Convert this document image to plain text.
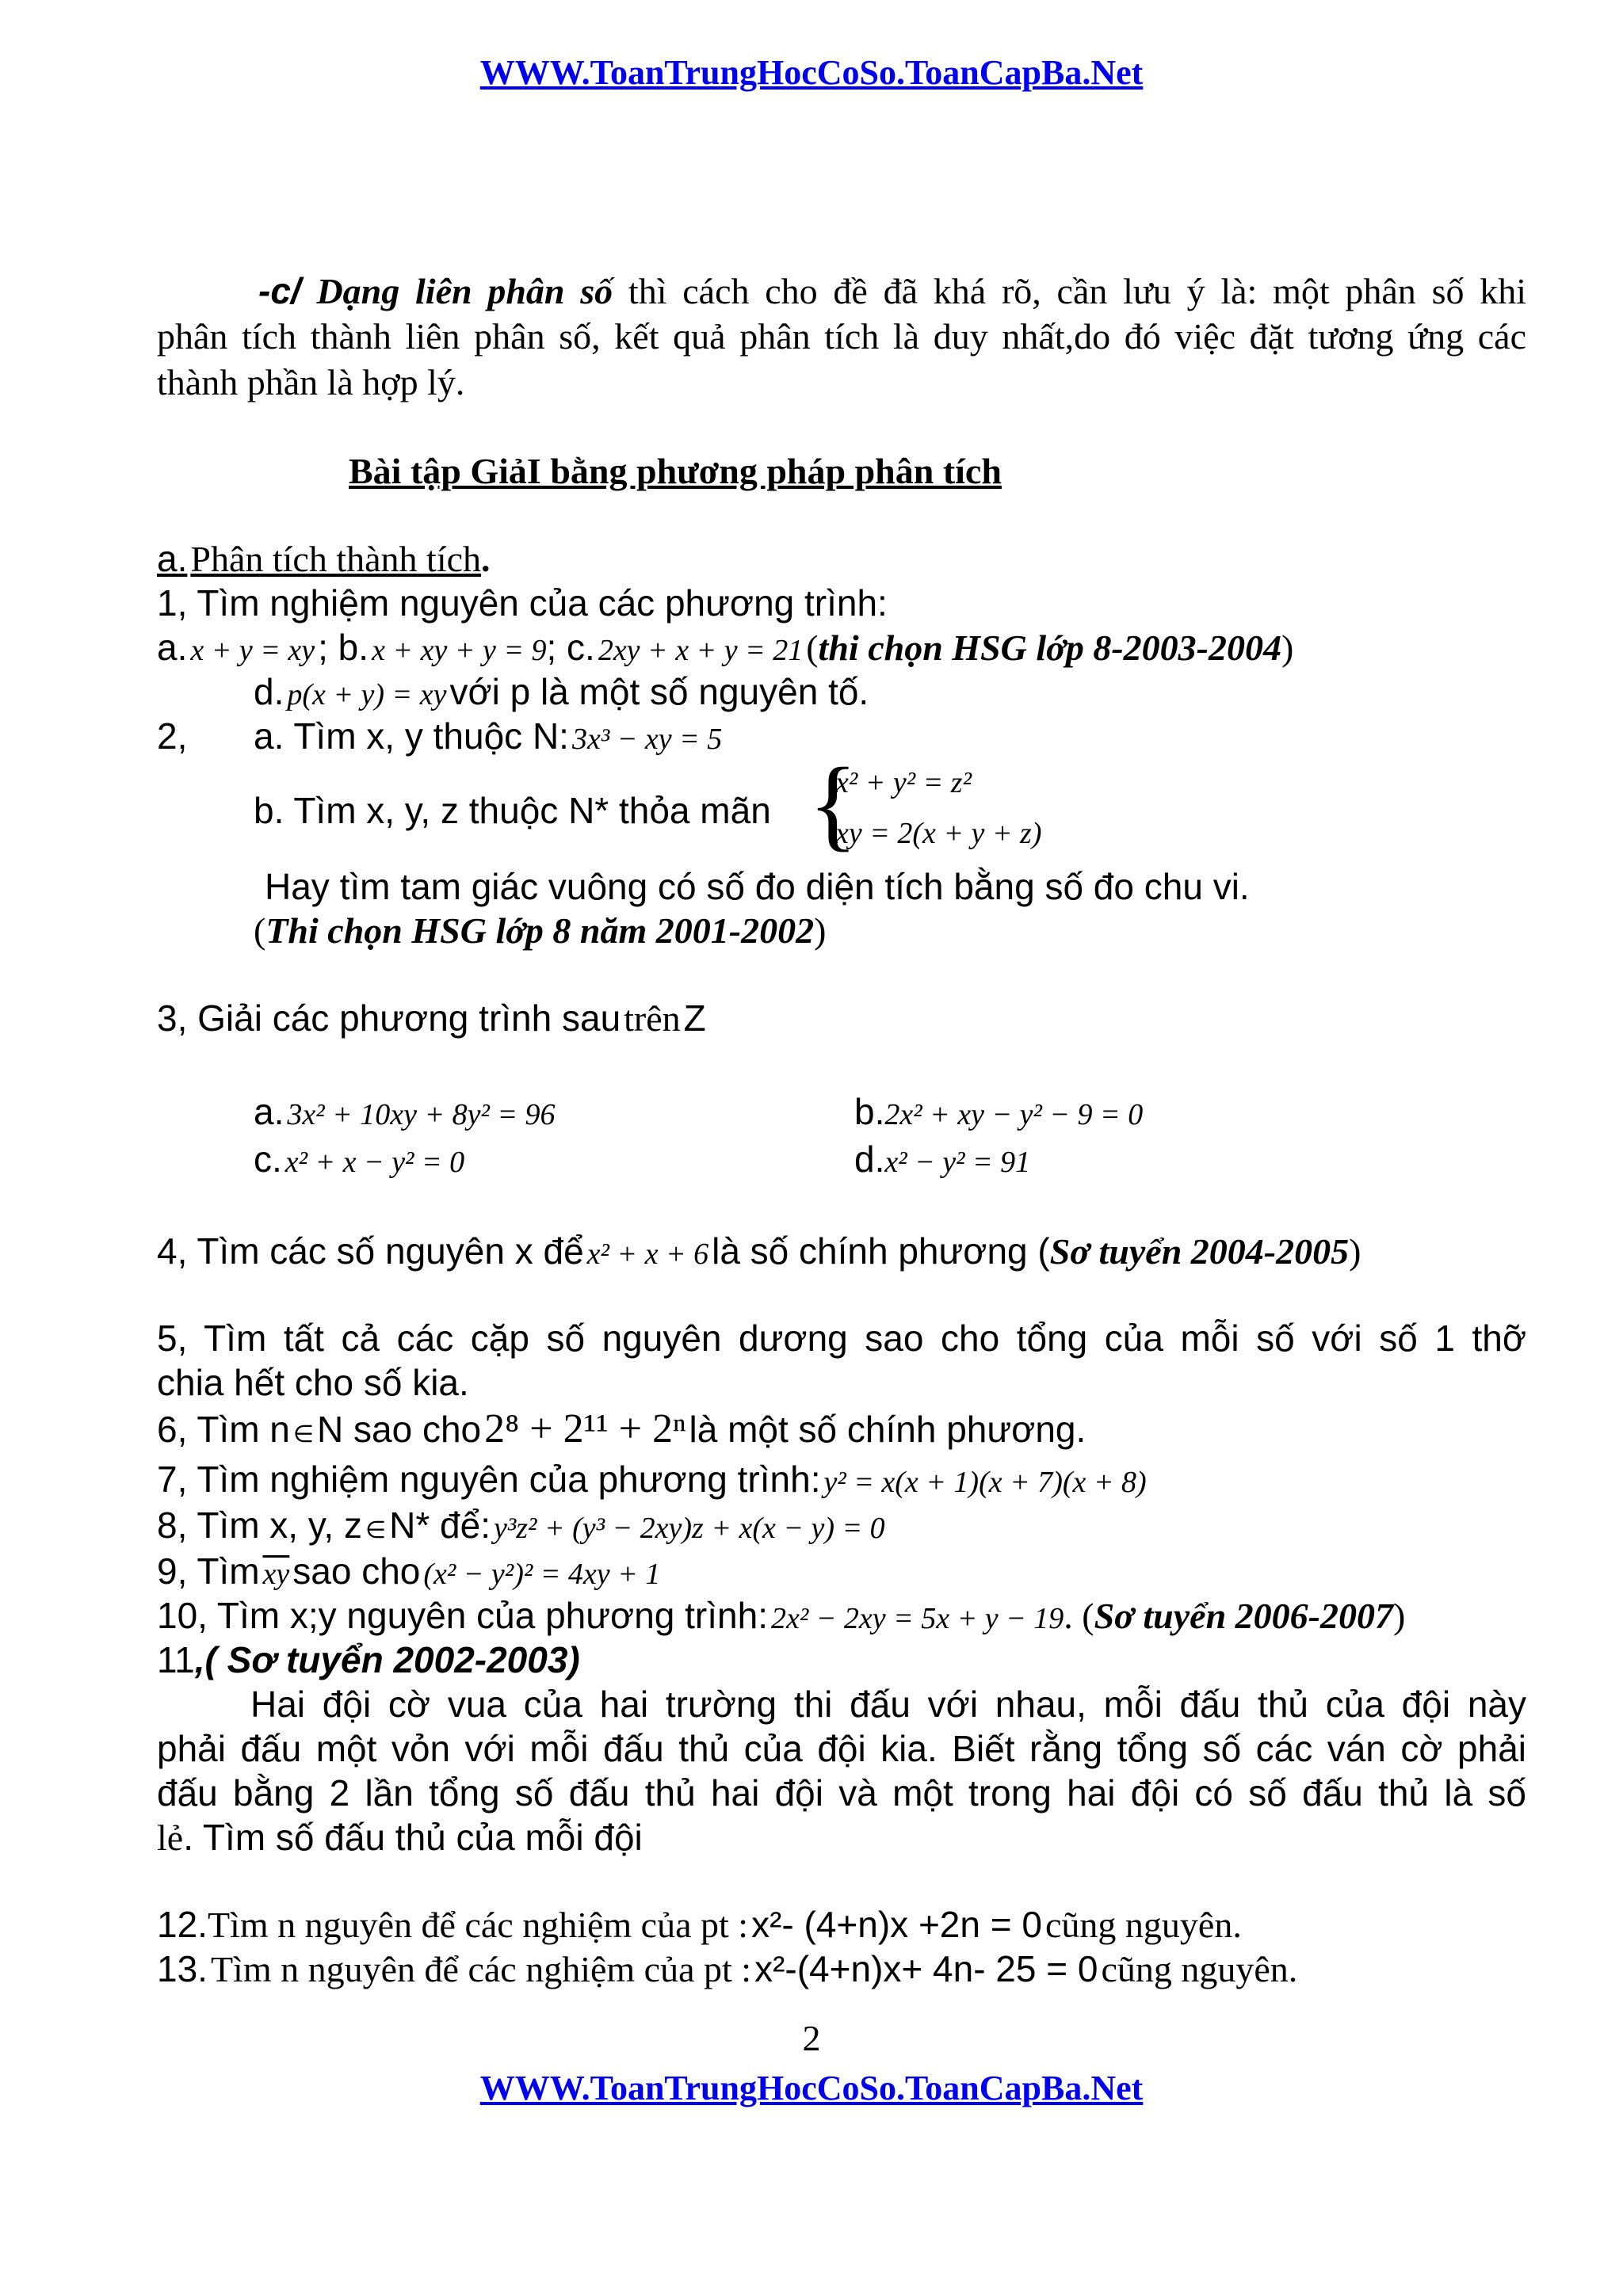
WWW.ToanTrungHocCoSo.ToanCapBa.Net
-c/ Dạng liên phân số thì cách cho đề đã khá rõ, cần lưu ý là: một phân số khi
phân tích thành liên phân số, kết quả phân tích là duy nhất,do đó việc đặt tương ứng các
thành phần là hợp lý.
Bài tập GiảI bằng phương pháp phân tích
a. Phân tích thành tích.
1, Tìm nghiệm nguyên của các phương trình:
a. x + y = xy ; b. x + xy + y = 9; c. 2xy + x + y = 21 (thi chọn HSG lớp 8-2003-2004)
d. p(x + y) = xy với p là một số nguyên tố.
2, a. Tìm x, y thuộc N: 3x³ − xy = 5
b. Tìm x, y, z thuộc N* thỏa mãn {
x² + y² = z²
xy = 2(x + y + z)
Hay tìm tam giác vuông có số đo diện tích bằng số đo chu vi.
(Thi chọn HSG lớp 8 năm 2001-2002)
3, Giải các phương trình sau trên Z
a. 3x² + 10xy + 8y² = 96	b.2x² + xy − y² − 9 = 0
c. x² + x − y² = 0	d.x² − y² = 91
4, Tìm các số nguyên x để x² + x + 6 là số chính phương (Sơ tuyển 2004-2005)
5, Tìm tất cả các cặp số nguyên dương sao cho tổng của mỗi số với số 1 thỡ
chia hết cho số kia.
6, Tìm n ∈ N sao cho 2⁸ + 2¹¹ + 2ⁿ là một số chính phương.
7, Tìm nghiệm nguyên của phương trình: y² = x(x + 1)(x + 7)(x + 8)
8, Tìm x, y, z ∈ N* để: y³z² + (y³ − 2xy)z + x(x − y) = 0
9, Tìm $\overline{xy}$ sao cho (x² − y²)² = 4xy + 1
10, Tìm x;y nguyên của phương trình: 2x² − 2xy = 5x + y − 19. (Sơ tuyển 2006-2007)
11,( Sơ tuyển 2002-2003)
Hai đội cờ vua của hai trường thi đấu với nhau, mỗi đấu thủ của đội này
phải đấu một vỏn với mỗi đấu thủ của đội kia. Biết rằng tổng số các ván cờ phải
đấu bằng 2 lần tổng số đấu thủ hai đội và một trong hai đội có số đấu thủ là số
lẻ. Tìm số đấu thủ của mỗi đội
12.Tìm n nguyên để các nghiệm của pt : x²- (4+n)x +2n = 0 cũng nguyên.
13. Tìm n nguyên để các nghiệm của pt : x²-(4+n)x+ 4n- 25 = 0 cũng nguyên.
2
WWW.ToanTrungHocCoSo.ToanCapBa.Net
